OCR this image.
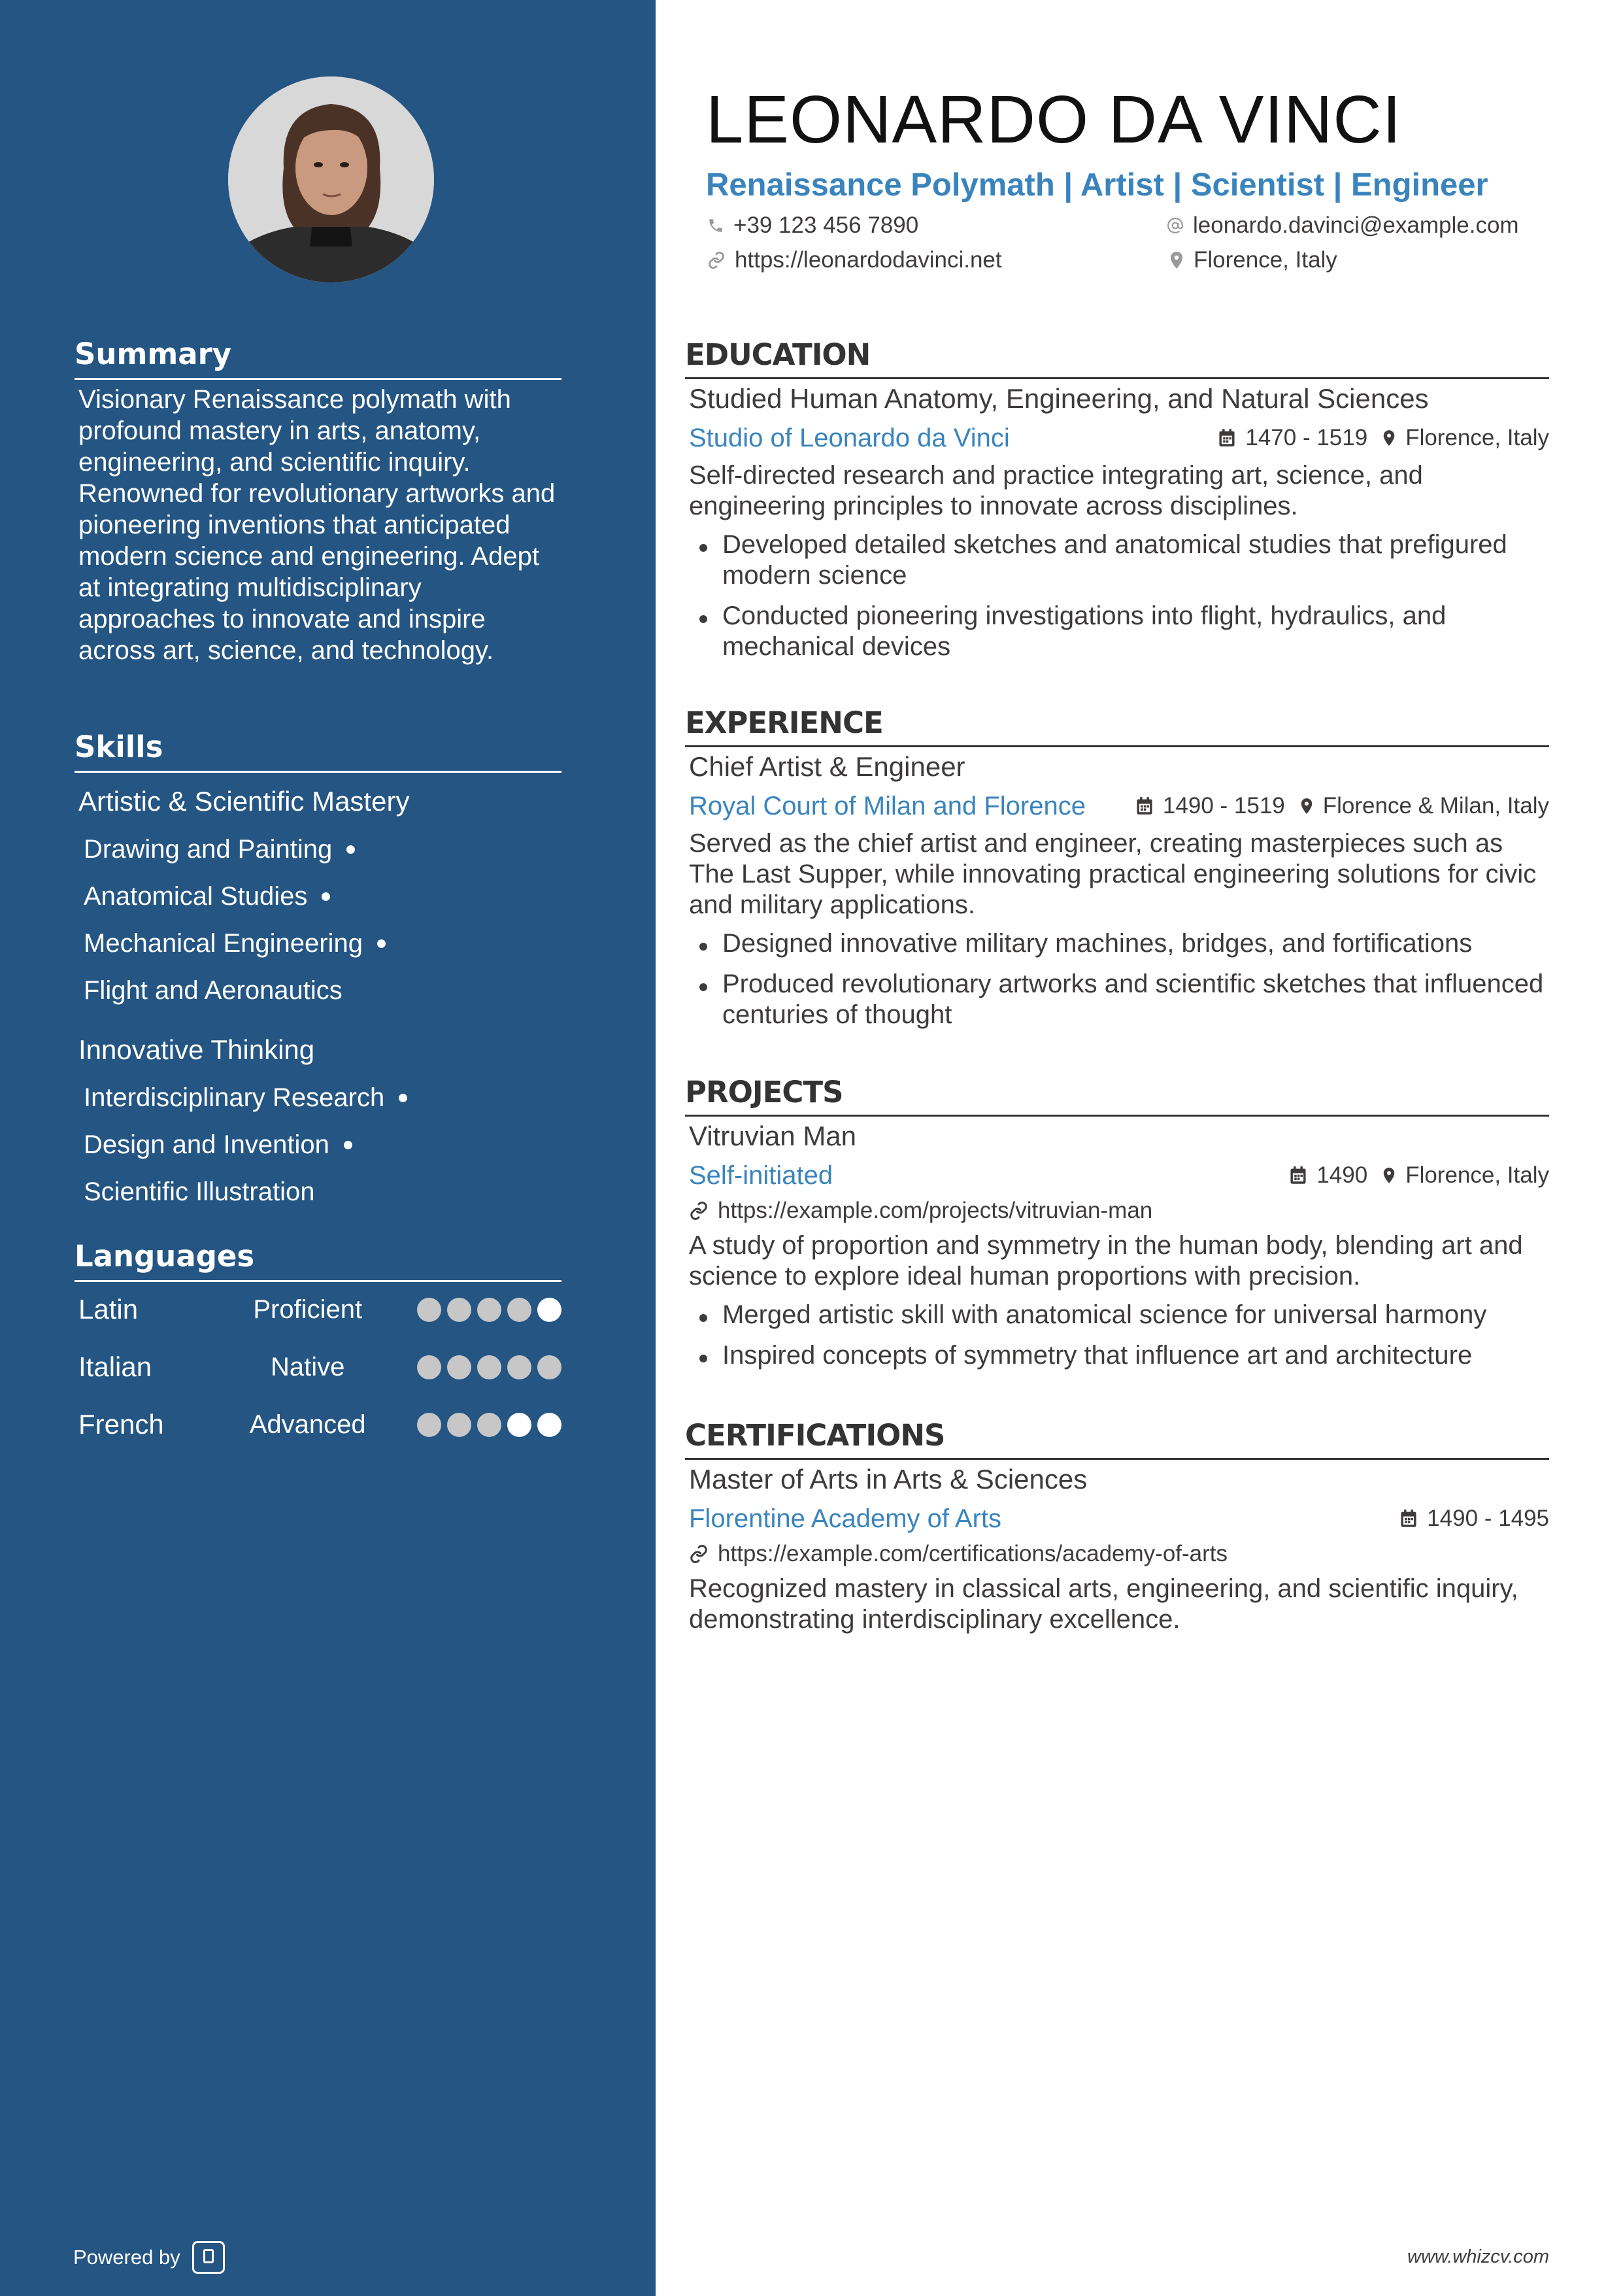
Summary
Visionary Renaissance polymath with profound mastery in arts, anatomy, engineering, and scientific inquiry. Renowned for revolutionary artworks and pioneering inventions that anticipated modern science and engineering. Adept at integrating multidisciplinary approaches to innovate and inspire across art, science, and technology.
Skills
Artistic & Scientific Mastery
Drawing and Painting
Anatomical Studies
Mechanical Engineering
Flight and Aeronautics
Innovative Thinking
Interdisciplinary Research
Design and Invention
Scientific Illustration
Languages
Latin	Proficient
Italian	Native
French	Advanced
Powered by
LEONARDO DA VINCI
Renaissance Polymath | Artist | Scientist | Engineer
+39 123 456 7890	leonardo.davinci@example.com
https://leonardodavinci.net	Florence, Italy
EDUCATION
Studied Human Anatomy, Engineering, and Natural Sciences
Studio of Leonardo da Vinci	1470 - 1519 Florence, Italy
Self-directed research and practice integrating art, science, and engineering principles to innovate across disciplines.
Developed detailed sketches and anatomical studies that prefigured modern science
Conducted pioneering investigations into flight, hydraulics, and mechanical devices
EXPERIENCE
Chief Artist & Engineer
Royal Court of Milan and Florence	1490 - 1519 Florence & Milan, Italy
Served as the chief artist and engineer, creating masterpieces such as The Last Supper, while innovating practical engineering solutions for civic and military applications.
Designed innovative military machines, bridges, and fortifications
Produced revolutionary artworks and scientific sketches that influenced centuries of thought
PROJECTS
Vitruvian Man
Self-initiated	1490 Florence, Italy
https://example.com/projects/vitruvian-man
A study of proportion and symmetry in the human body, blending art and science to explore ideal human proportions with precision.
Merged artistic skill with anatomical science for universal harmony
Inspired concepts of symmetry that influence art and architecture
CERTIFICATIONS
Master of Arts in Arts & Sciences
Florentine Academy of Arts	1490 - 1495
https://example.com/certifications/academy-of-arts
Recognized mastery in classical arts, engineering, and scientific inquiry, demonstrating interdisciplinary excellence.
www.whizcv.com
